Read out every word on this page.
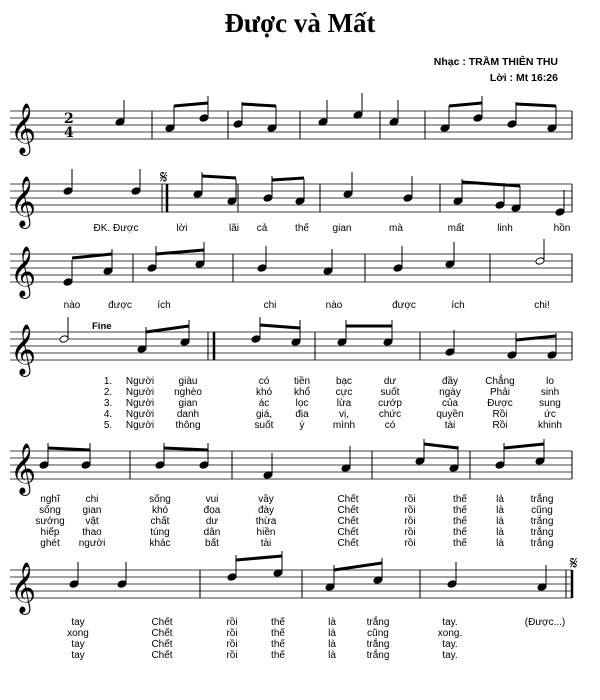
Được và Mất
Nhạc : TRẦM THIÊN THU
Lời : Mt 16:26
𝄞
𝄞
𝄞
𝄞
𝄞
𝄞
2
4
𝄋
𝄋
Fine
ĐK. Được	lời	lãi cả	thế gian	mà	mất	linh	hồn
nào	được	ích	chi	nào	được	ích	chi!
1. Người giàu	có tiền	bạc	dư	đầy	Chẳng	lo
2. Người nghèo	khó khổ	cực	suốt	ngày	Phải	sinh
3. Người gian	ác	lọc	lừa	cướp	của	Được	sung
4. Người danh	giá, địa	vị,	chức	quyền	Rồi	ức
5. Người thông	suốt	ý	mình	có	tài	Rồi	khinh
nghĩ	chi	sống	vui	vầy	Chết	rồi	thế	là	trắng
sống gian	khó	đọa	đày	Chết	rồi	thế	là	cũng
sướng vật	chất	dư	thừa	Chết	rồi	thế	là	trắng
hiếp thao	túng	dân	hiền	Chết	rồi	thế	là	trắng
ghét người	khác	bất	tài	Chết	rồi	thế	là	trắng
tay	Chết	rồi	thế	là	trắng	tay.	(Được...)
xong	Chết	rồi	thế	là	cũng	xong.
tay	Chết	rồi	thế	là	trắng	tay.
tay	Chết	rồi	thế	là	trắng	tay.
